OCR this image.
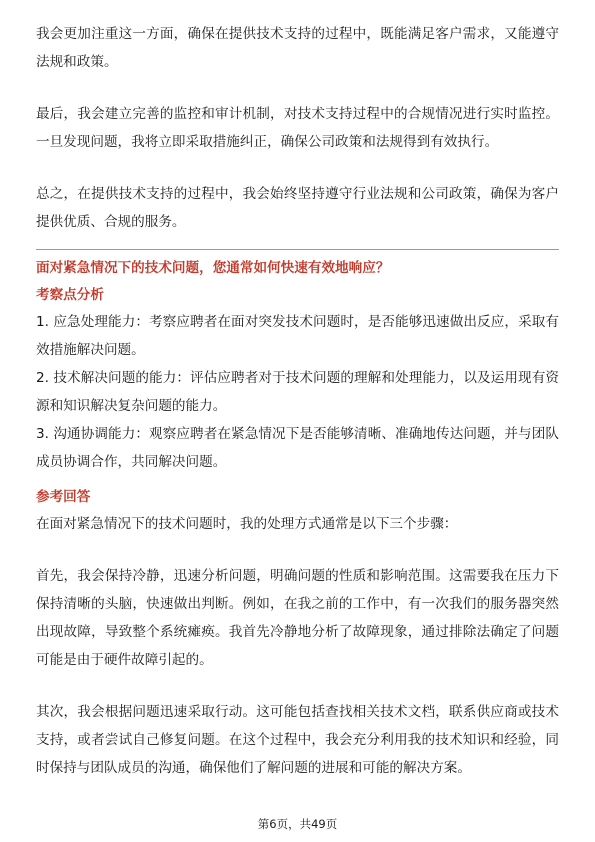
我会更加注重这一方面，确保在提供技术支持的过程中，既能满足客户需求，又能遵守法规和政策。

最后，我会建立完善的监控和审计机制，对技术支持过程中的合规情况进行实时监控。一旦发现问题，我将立即采取措施纠正，确保公司政策和法规得到有效执行。

总之，在提供技术支持的过程中，我会始终坚持遵守行业法规和公司政策，确保为客户提供优质、合规的服务。

面对紧急情况下的技术问题，您通常如何快速有效地响应？

考察点分析

1. 应急处理能力：考察应聘者在面对突发技术问题时，是否能够迅速做出反应，采取有效措施解决问题。

2. 技术解决问题的能力：评估应聘者对于技术问题的理解和处理能力，以及运用现有资源和知识解决复杂问题的能力。

3. 沟通协调能力：观察应聘者在紧急情况下是否能够清晰、准确地传达问题，并与团队成员协调合作，共同解决问题。

参考回答

在面对紧急情况下的技术问题时，我的处理方式通常是以下三个步骤：

首先，我会保持冷静，迅速分析问题，明确问题的性质和影响范围。这需要我在压力下保持清晰的头脑，快速做出判断。例如，在我之前的工作中，有一次我们的服务器突然出现故障，导致整个系统瘫痪。我首先冷静地分析了故障现象，通过排除法确定了问题可能是由于硬件故障引起的。

其次，我会根据问题迅速采取行动。这可能包括查找相关技术文档，联系供应商或技术支持，或者尝试自己修复问题。在这个过程中，我会充分利用我的技术知识和经验，同时保持与团队成员的沟通，确保他们了解问题的进展和可能的解决方案。

第6页，共49页
